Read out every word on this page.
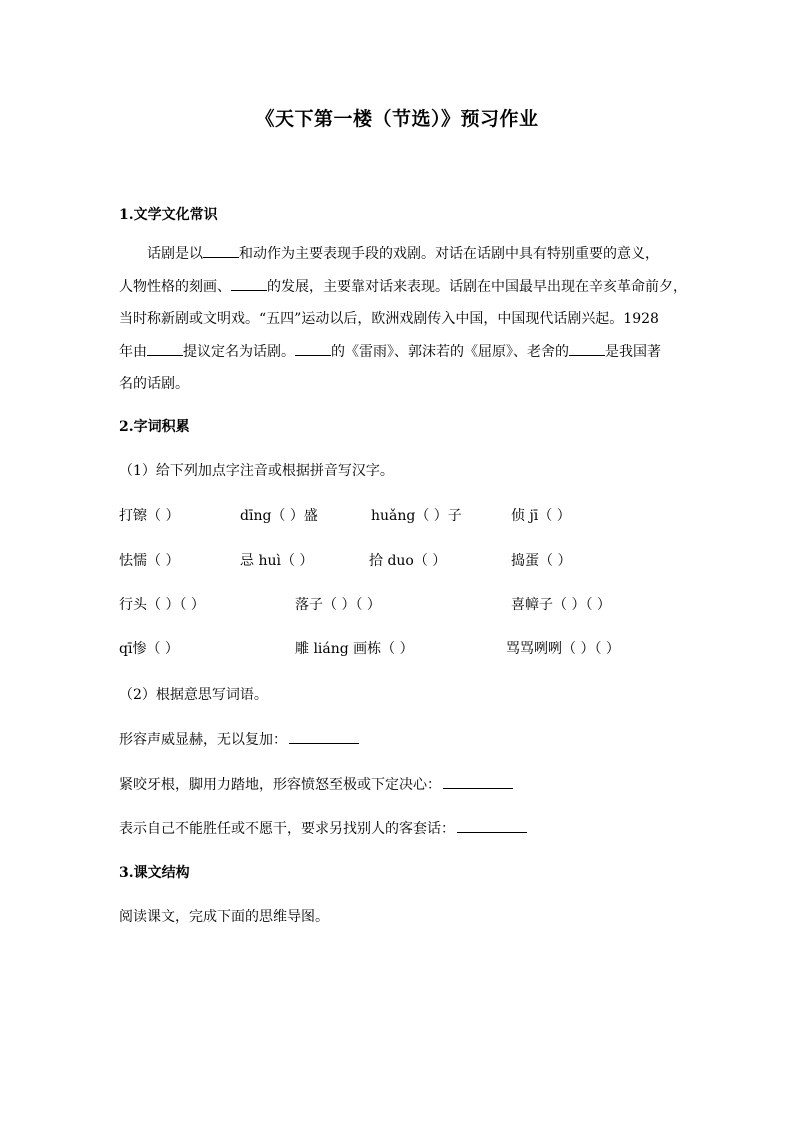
《天下第一楼（节选）》预习作业
1.文学文化常识

话剧是以	和动作为主要表现手段的戏剧。对话在话剧中具有特别重要的意义，

人物性格的刻画、	的发展，主要靠对话来表现。话剧在中国最早出现在辛亥革命前夕，

当时称新剧或文明戏。“五四”运动以后，欧洲戏剧传入中国，中国现代话剧兴起。1928

年由	提议定名为话剧。	的《雷雨》、郭沫若的《屈原》、老舍的	是我国著

名的话剧。

2.字词积累
（1）给下列加点字注音或根据拼音写汉字。
打镲（ ）	dīng（ ）盛	huǎng（ ）子	侦 jī（ ）
怯懦（ ）	忌 huì（ ）	拾 duo（ ）	捣蛋（ ）
行头（ ）（ ）	落子（ ）（ ）	喜幛子（ ）（ ）
qī惨（ ）	雕 liáng 画栋（ ）	骂骂咧咧（ ）（ ）
（2）根据意思写词语。
形容声威显赫，无以复加：
紧咬牙根，脚用力踏地，形容愤怒至极或下定决心：
表示自己不能胜任或不愿干，要求另找别人的客套话：
3.课文结构
阅读课文，完成下面的思维导图。
